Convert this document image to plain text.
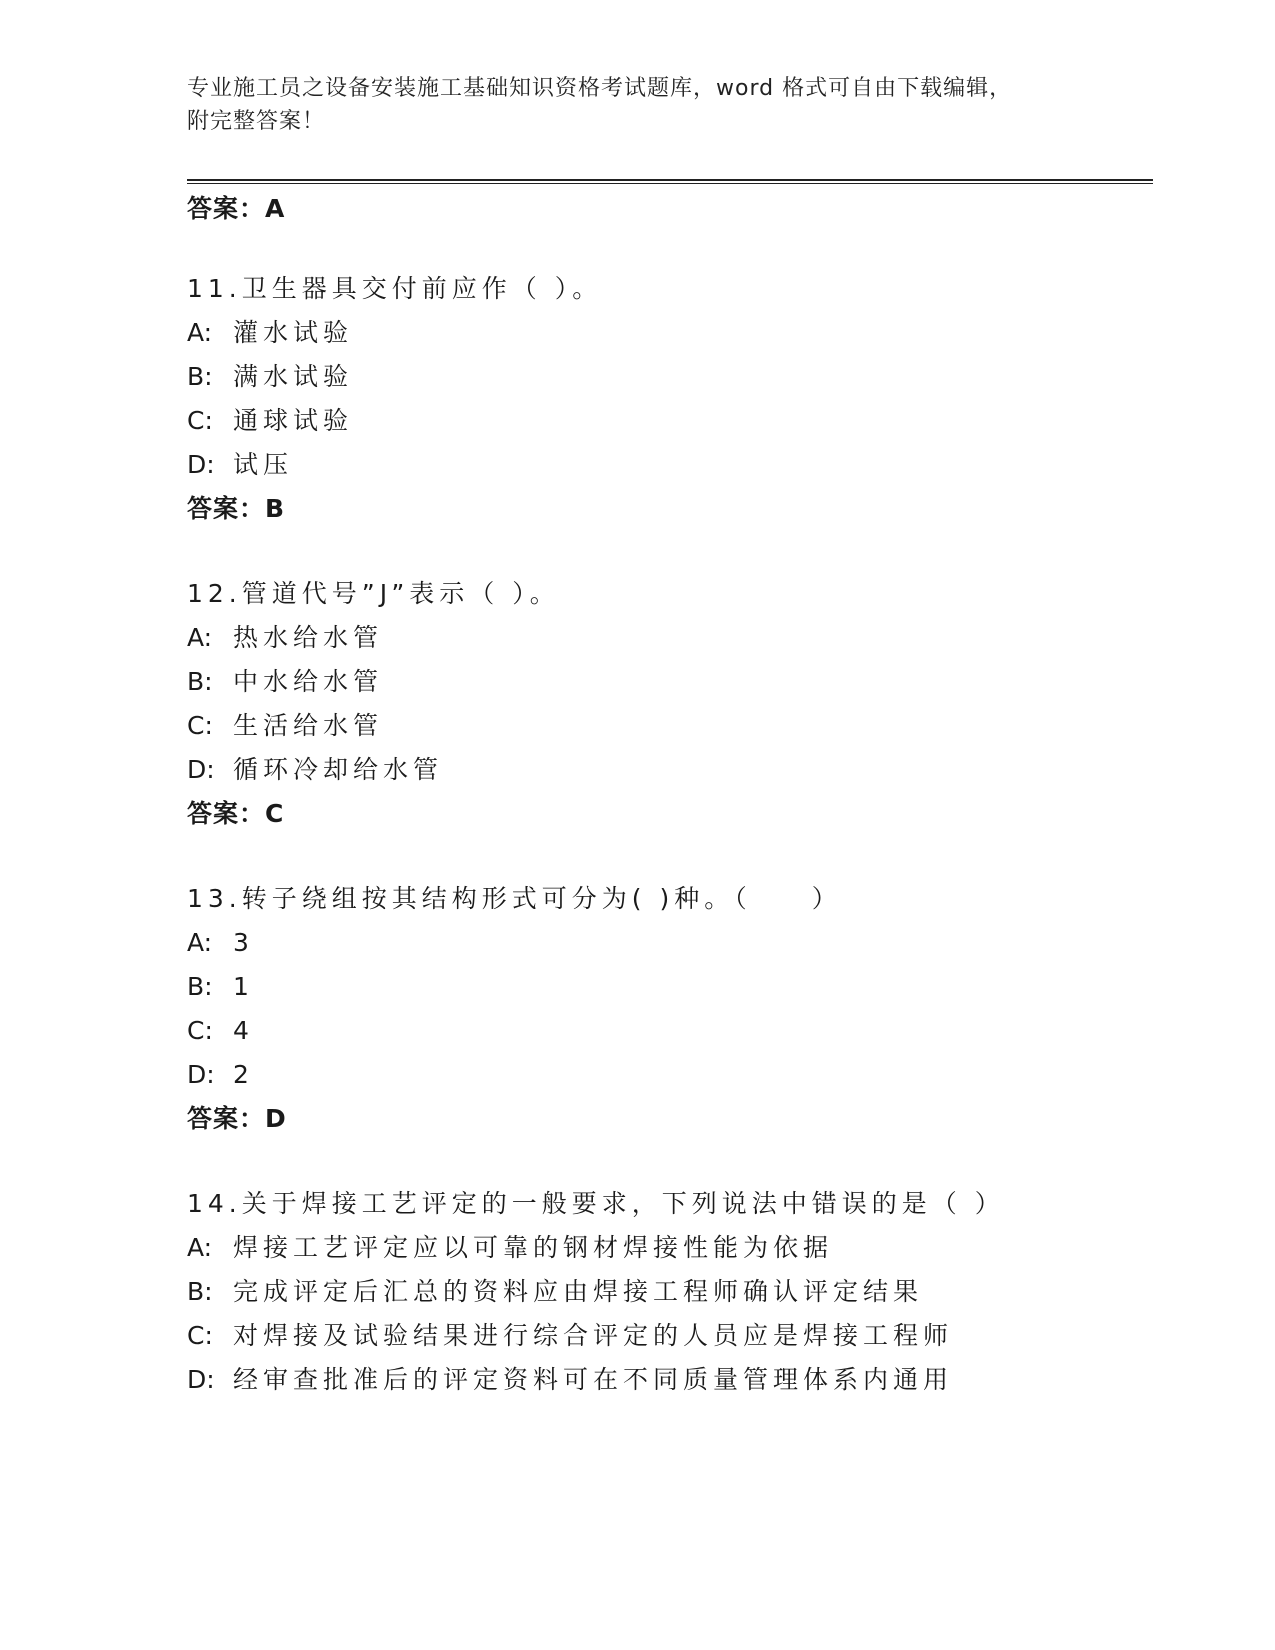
专业施工员之设备安装施工基础知识资格考试题库，word 格式可自由下载编辑，
附完整答案！
答案：A
11.卫生器具交付前应作（ ）。
A: 灌水试验
B: 满水试验
C: 通球试验
D: 试压
答案：B
12.管道代号”J”表示（ ）。
A: 热水给水管
B: 中水给水管
C: 生活给水管
D: 循环冷却给水管
答案：C
13.转子绕组按其结构形式可分为( )种。（　　）
A: 3
B: 1
C: 4
D: 2
答案：D
14.关于焊接工艺评定的一般要求，下列说法中错误的是（ ）
A: 焊接工艺评定应以可靠的钢材焊接性能为依据
B: 完成评定后汇总的资料应由焊接工程师确认评定结果
C: 对焊接及试验结果进行综合评定的人员应是焊接工程师
D: 经审查批准后的评定资料可在不同质量管理体系内通用
